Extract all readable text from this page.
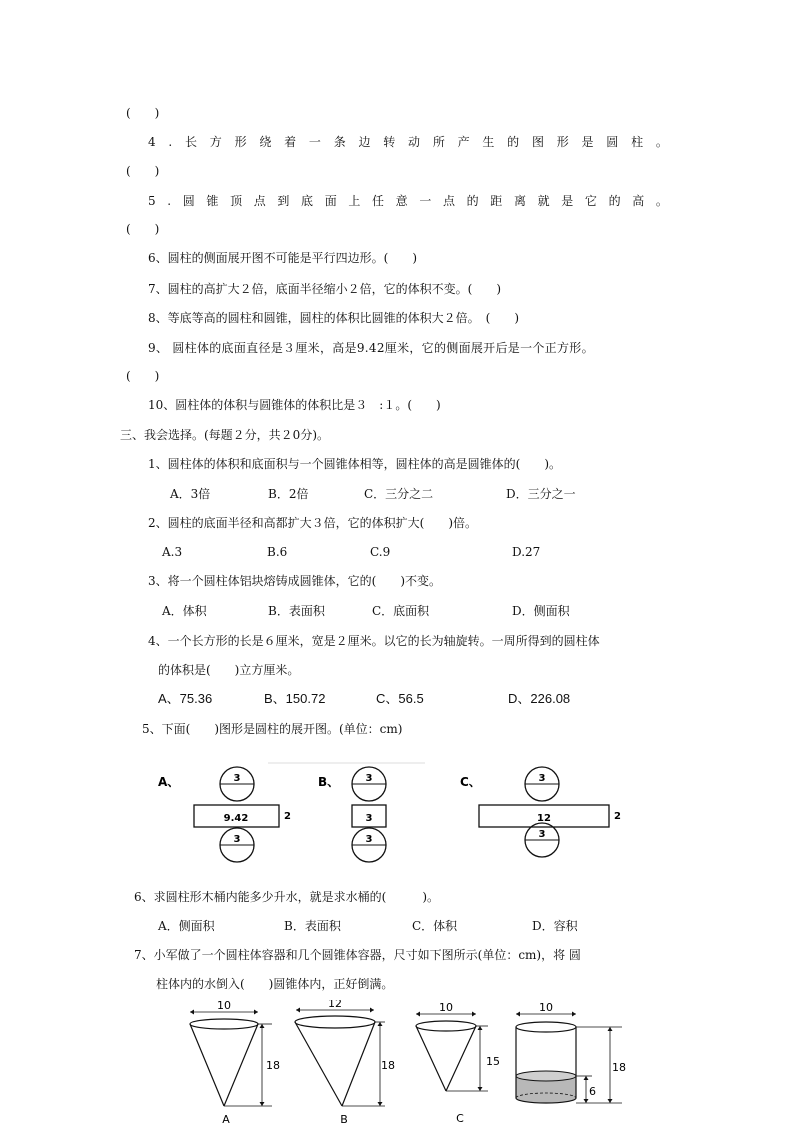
(　　)
4 . 长 方 形 绕 着 一 条 边 转 动 所 产 生 的 图 形 是 圆 柱 。
(　　)
5 . 圆 锥 顶 点 到 底 面 上 任 意 一 点 的 距 离 就 是 它 的 高 。
(　　)
6、圆柱的侧面展开图不可能是平行四边形。(　　)
7、圆柱的高扩大２倍，底面半径缩小２倍，它的体积不变。(　　)
8、等底等高的圆柱和圆锥，圆柱的体积比圆锥的体积大２倍。　(　　)
9、 圆柱体的底面直径是３厘米，高是9.42厘米，它的侧面展开后是一个正方形。
(　　)
10、圆柱体的体积与圆锥体的体积比是３　:１。(　　)
三、我会选择。(每题２分，共２0分)。
1、圆柱体的体积和底面积与一个圆锥体相等，圆柱体的高是圆锥体的(　　)。
A．3倍	B．2倍	C．三分之二	D．三分之一
2、圆柱的底面半径和高都扩大３倍，它的体积扩大(　　)倍。
A.3	B.6	C.9	D.27
3、将一个圆柱体铝块熔铸成圆锥体，它的(　　)不变。
A．体积	B．表面积	C．底面积	D．侧面积
4、一个长方形的长是６厘米，宽是２厘米。以它的长为轴旋转。一周所得到的圆柱体
的体积是(　　)立方厘米。
A、75.36	B、150.72	C、56.5	D、226.08
5、下面(　　)图形是圆柱的展开图。(单位：cm)
A、	3
9.42	2
3
B、	3
3
3
C、	3
12	2
3
6、求圆柱形木桶内能多少升水，就是求水桶的(　　　)。
A．侧面积	B．表面积	C．体积	D．容积
7、小军做了一个圆柱体容器和几个圆锥体容器，尺寸如下图所示(单位：cm)，将 圆
柱体内的水倒入(　　)圆锥体内，正好倒满。
10
18
A
12
18
B
10
15
C
10
18
6
